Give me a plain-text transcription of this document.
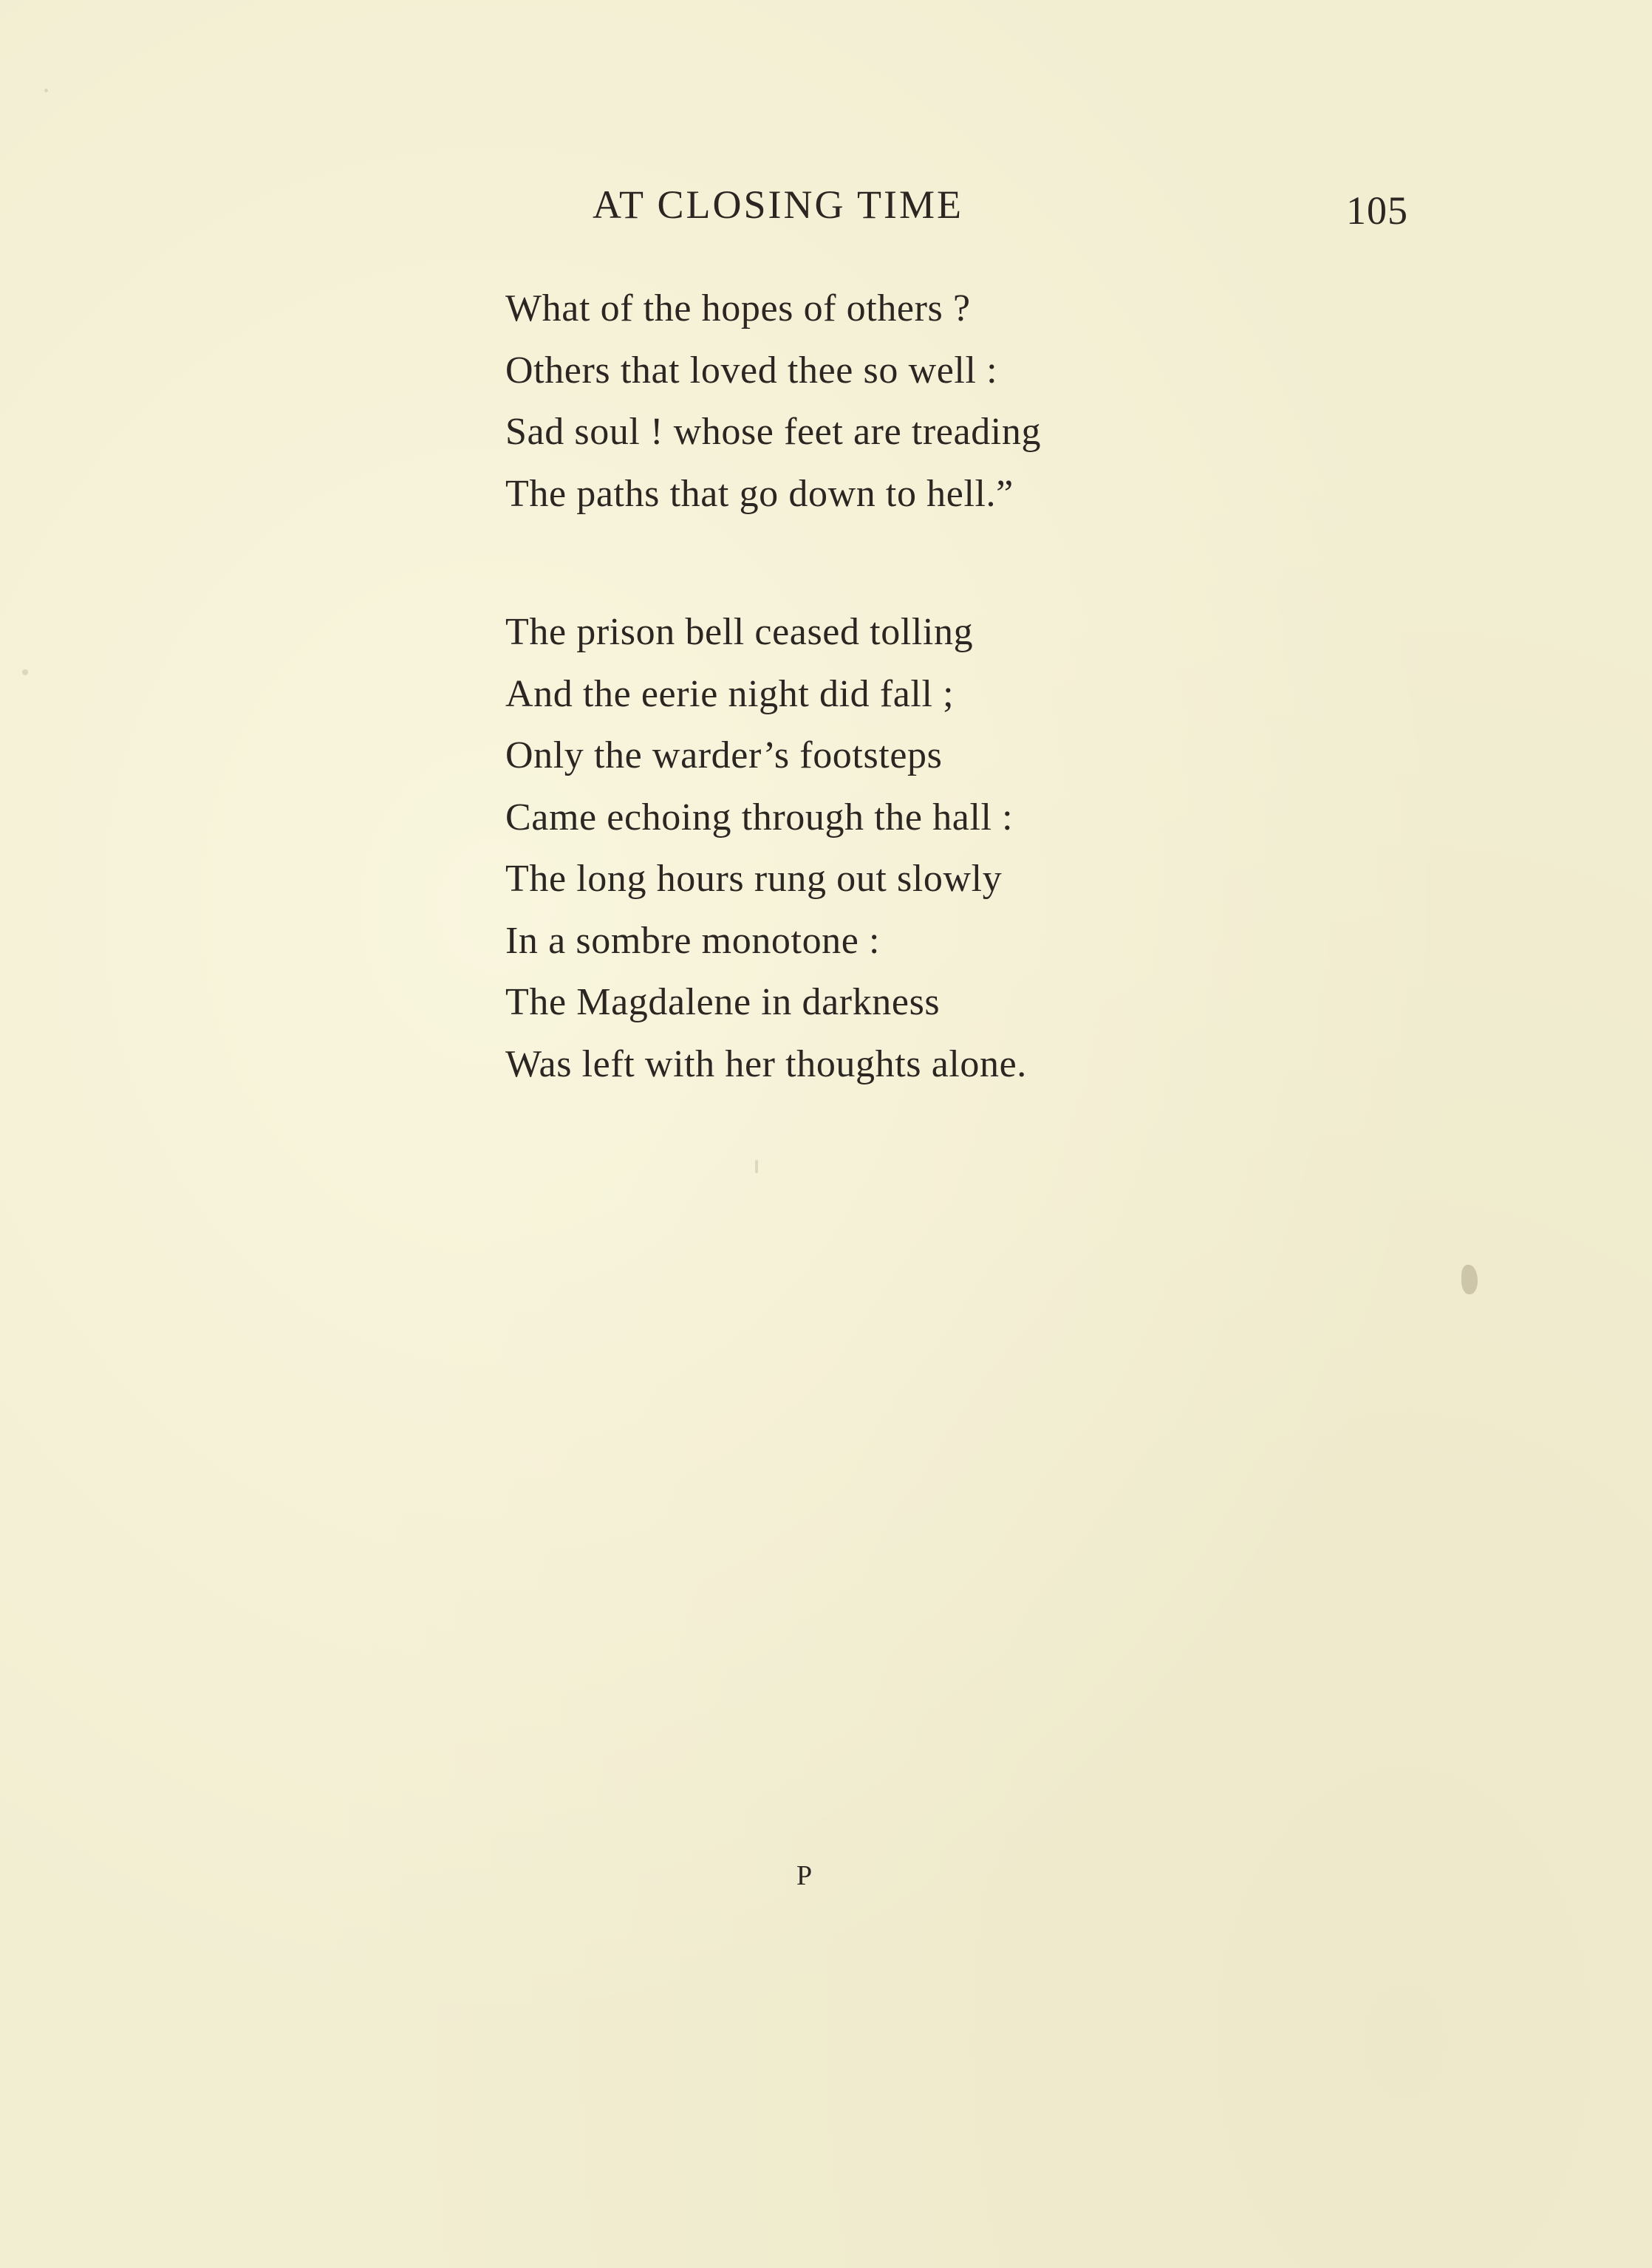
AT CLOSING TIME	105
What of the hopes of others ?
Others that loved thee so well :
Sad soul ! whose feet are treading
The paths that go down to hell.”
The prison bell ceased tolling
And the eerie night did fall ;
Only the warder’s footsteps
Came echoing through the hall :
The long hours rung out slowly
In a sombre monotone :
The Magdalene in darkness
Was left with her thoughts alone.
P
